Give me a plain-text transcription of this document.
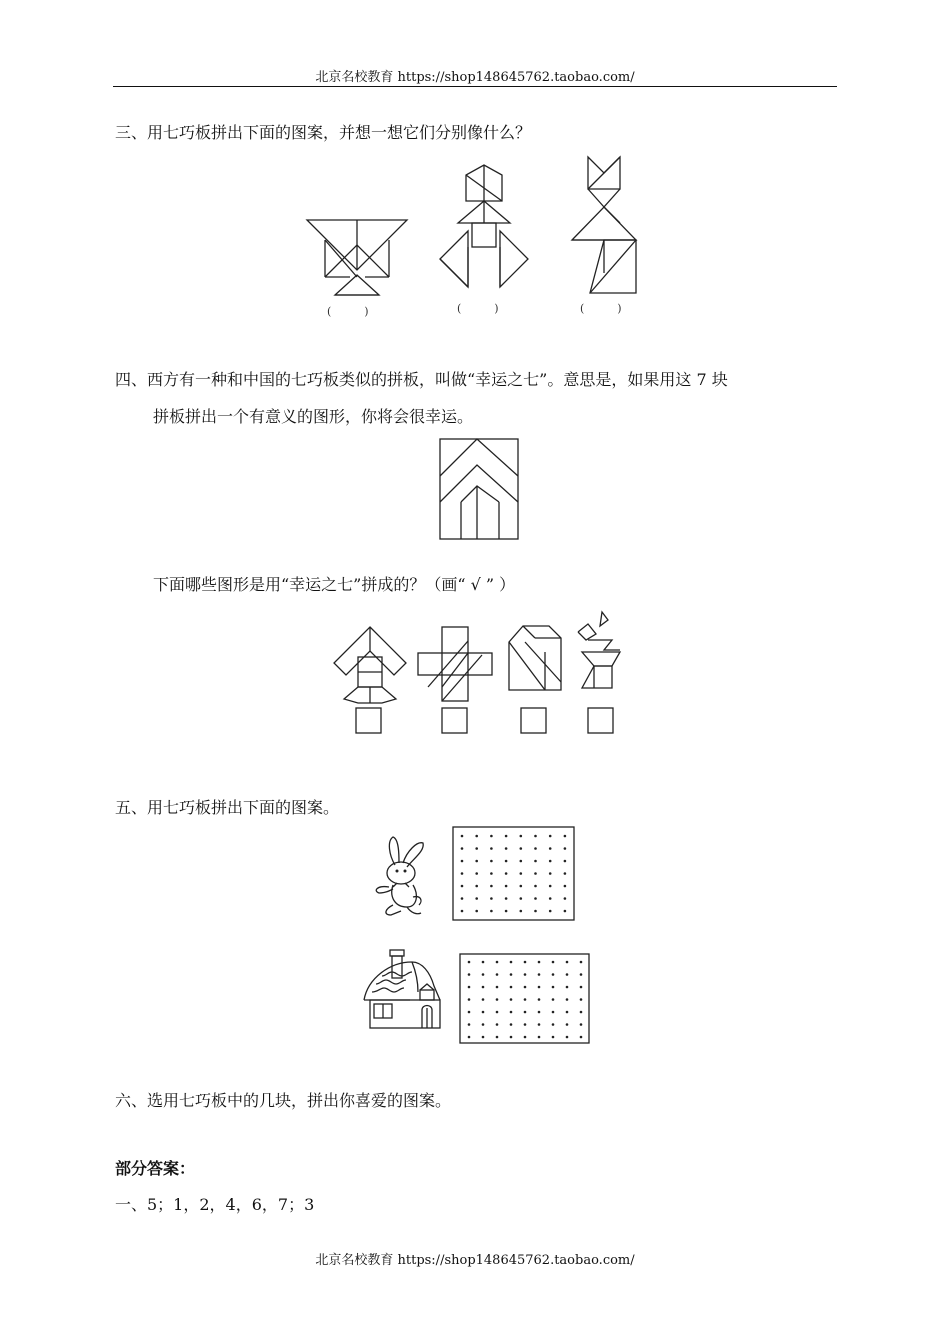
北京名校教育 https://shop148645762.taobao.com/
三、用七巧板拼出下面的图案，并想一想它们分别像什么？
(　　　)	(　　　)	(　　　)
四、西方有一种和中国的七巧板类似的拼板，叫做“幸运之七”。意思是，如果用这 7 块
拼板拼出一个有意义的图形，你将会很幸运。
下面哪些图形是用“幸运之七”拼成的？（画“ √ ” ）
五、用七巧板拼出下面的图案。
六、选用七巧板中的几块，拼出你喜爱的图案。
部分答案：
一、5；1，2，4，6，7；3
北京名校教育 https://shop148645762.taobao.com/
